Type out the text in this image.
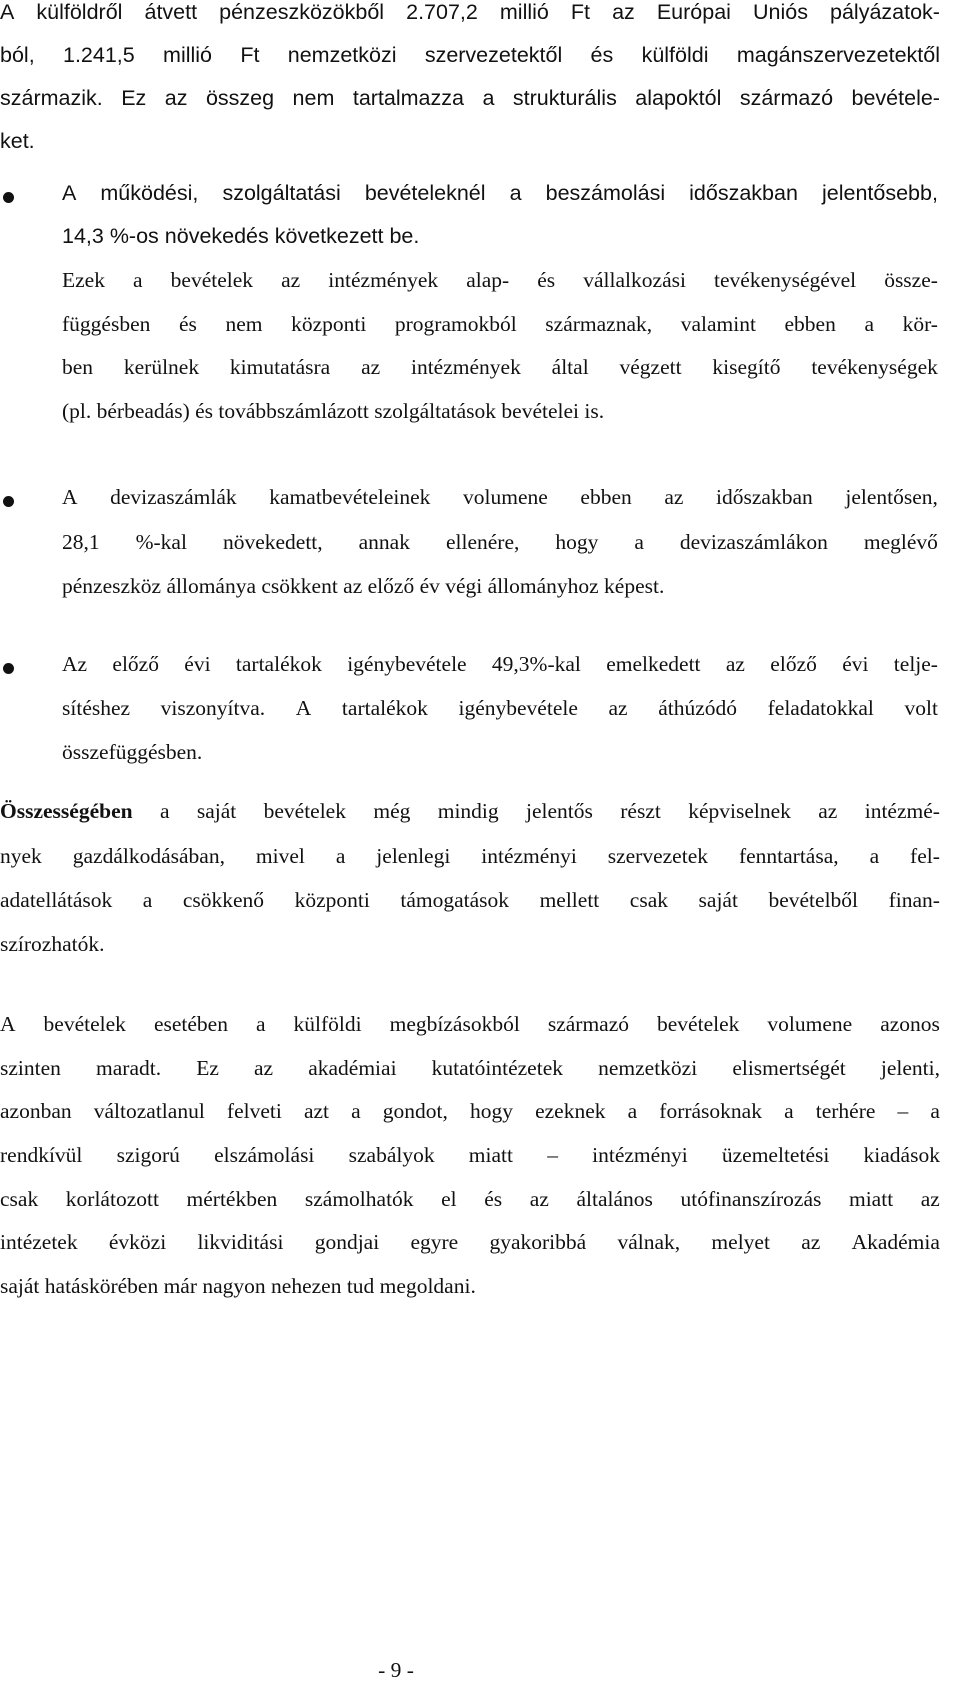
A külföldről átvett pénzeszközökből 2.707,2 millió Ft az Európai Uniós pályázatok-
ból, 1.241,5 millió Ft nemzetközi szervezetektől és külföldi magánszervezetektől
származik. Ez az összeg nem tartalmazza a strukturális alapoktól származó bevétele-
ket.
A működési, szolgáltatási bevételeknél a beszámolási időszakban jelentősebb,
14,3 %-os növekedés következett be.
Ezek a bevételek az intézmények alap- és vállalkozási tevékenységével össze-
függésben és nem központi programokból származnak, valamint ebben a kör-
ben kerülnek kimutatásra az intézmények által végzett kisegítő tevékenységek
(pl. bérbeadás) és továbbszámlázott szolgáltatások bevételei is.
A devizaszámlák kamatbevételeinek volumene ebben az időszakban jelentősen,
28,1 %-kal növekedett, annak ellenére, hogy a devizaszámlákon meglévő
pénzeszköz állománya csökkent az előző év végi állományhoz képest.
Az előző évi tartalékok igénybevétele 49,3%-kal emelkedett az előző évi telje-
sítéshez viszonyítva. A tartalékok igénybevétele az áthúzódó feladatokkal volt
összefüggésben.
Összességében a saját bevételek még mindig jelentős részt képviselnek az intézmé-
nyek gazdálkodásában, mivel a jelenlegi intézményi szervezetek fenntartása, a fel-
adatellátások a csökkenő központi támogatások mellett csak saját bevételből finan-
szírozhatók.
A bevételek esetében a külföldi megbízásokból származó bevételek volumene azonos
szinten maradt. Ez az akadémiai kutatóintézetek nemzetközi elismertségét jelenti,
azonban változatlanul felveti azt a gondot, hogy ezeknek a forrásoknak a terhére – a
rendkívül szigorú elszámolási szabályok miatt – intézményi üzemeltetési kiadások
csak korlátozott mértékben számolhatók el és az általános utófinanszírozás miatt az
intézetek évközi likviditási gondjai egyre gyakoribbá válnak, melyet az Akadémia
saját hatáskörében már nagyon nehezen tud megoldani.
- 9 -
